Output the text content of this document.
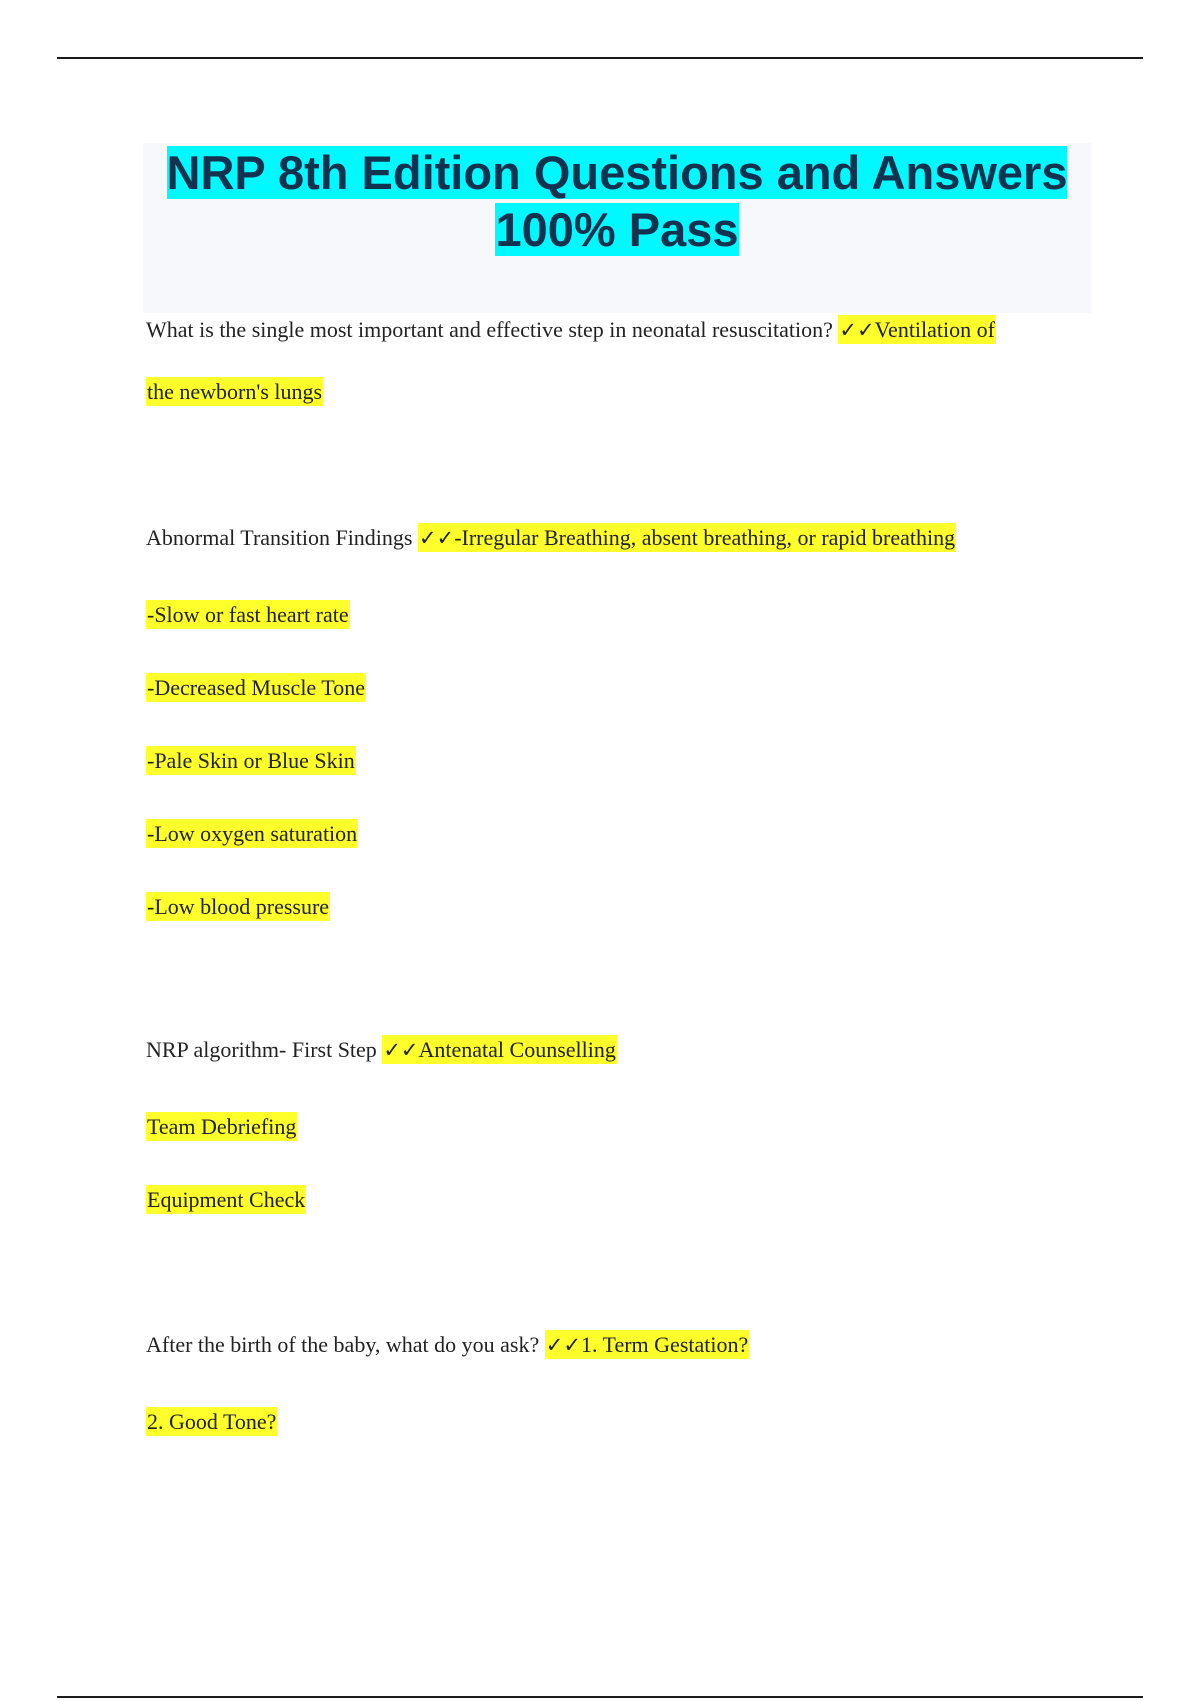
NRP 8th Edition Questions and Answers
100% Pass

What is the single most important and effective step in neonatal resuscitation? ✓✓Ventilation of

the newborn's lungs

Abnormal Transition Findings ✓✓-Irregular Breathing, absent breathing, or rapid breathing

-Slow or fast heart rate

-Decreased Muscle Tone

-Pale Skin or Blue Skin

-Low oxygen saturation

-Low blood pressure

NRP algorithm- First Step ✓✓Antenatal Counselling

Team Debriefing

Equipment Check

After the birth of the baby, what do you ask? ✓✓1. Term Gestation?

2. Good Tone?
